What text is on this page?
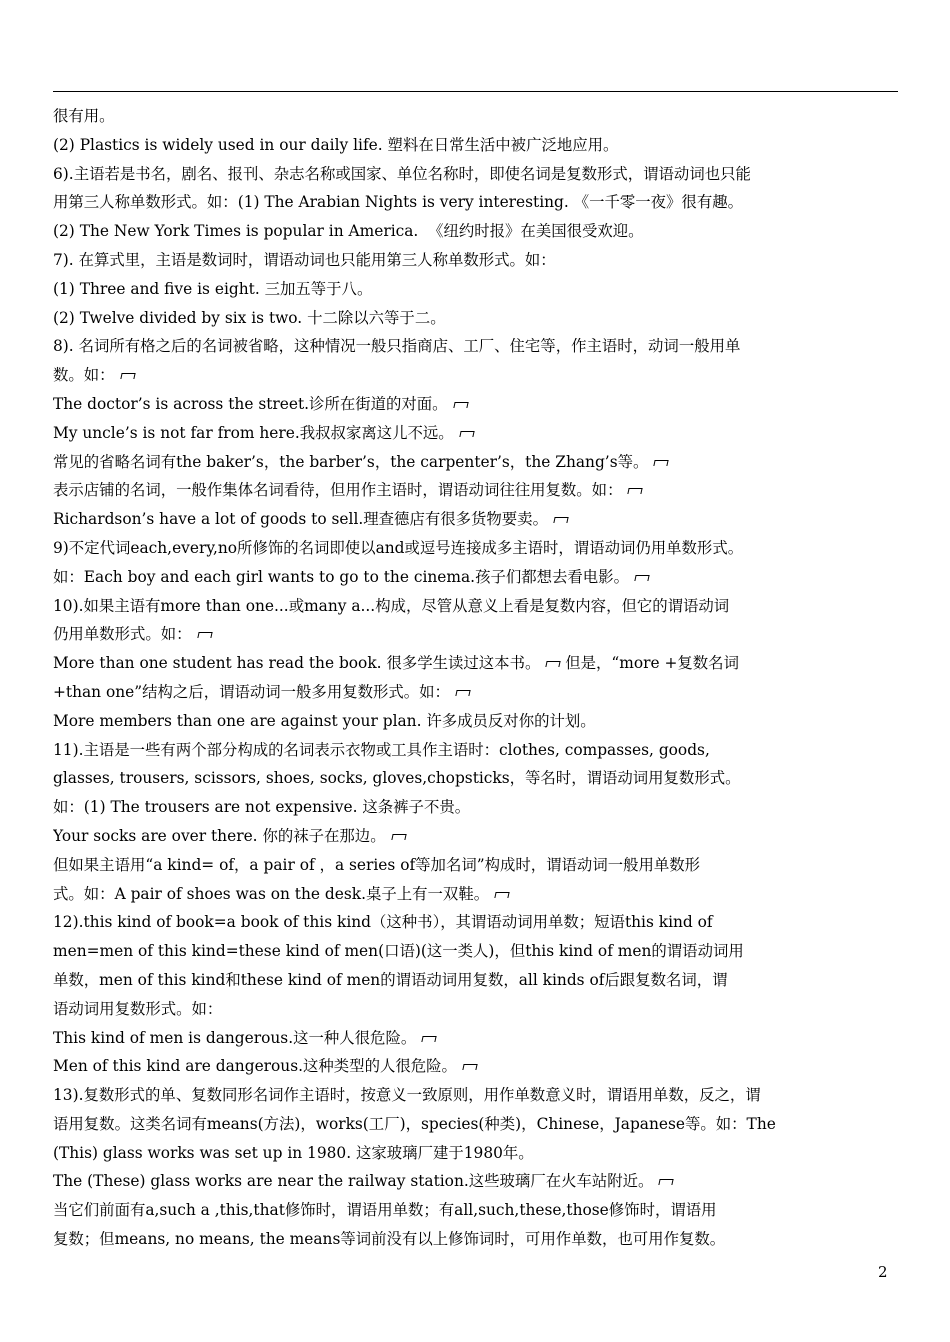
很有用。
(2) Plastics is widely used in our daily life. 塑料在日常生活中被广泛地应用。
6).主语若是书名，剧名、报刊、杂志名称或国家、单位名称时，即使名词是复数形式，谓语动词也只能
用第三人称单数形式。如：(1) The Arabian Nights is very interesting. 《一千零一夜》很有趣。
(2) The New York Times is popular in America.  《纽约时报》在美国很受欢迎。
7). 在算式里，主语是数词时，谓语动词也只能用第三人称单数形式。如：
(1) Three and five is eight. 三加五等于八。
(2) Twelve divided by six is two. 十二除以六等于二。
8). 名词所有格之后的名词被省略，这种情况一般只指商店、工厂、住宅等，作主语时，动词一般用单
数。如：
The doctor’s is across the street.诊所在街道的对面。
My uncle’s is not far from here.我叔叔家离这儿不远。
常见的省略名词有the baker’s，the barber’s，the carpenter’s，the Zhang’s等。
表示店铺的名词，一般作集体名词看待，但用作主语时，谓语动词往往用复数。如：
Richardson’s have a lot of goods to sell.理查德店有很多货物要卖。
9)不定代词each,every,no所修饰的名词即使以and或逗号连接成多主语时，谓语动词仍用单数形式。
如：Each boy and each girl wants to go to the cinema.孩子们都想去看电影。
10).如果主语有more than one...或many a...构成，尽管从意义上看是复数内容，但它的谓语动词
仍用单数形式。如：
More than one student has read the book. 很多学生读过这本书。 但是，“more +复数名词
+than one”结构之后，谓语动词一般多用复数形式。如：
More members than one are against your plan. 许多成员反对你的计划。
11).主语是一些有两个部分构成的名词表示衣物或工具作主语时：clothes, compasses, goods,
glasses, trousers, scissors, shoes, socks, gloves,chopsticks，等名时，谓语动词用复数形式。
如：(1) The trousers are not expensive. 这条裤子不贵。
Your socks are over there. 你的袜子在那边。
但如果主语用“a kind= of，a pair of ，a series of等加名词”构成时，谓语动词一般用单数形
式。如：A pair of shoes was on the desk.桌子上有一双鞋。
12).this kind of book=a book of this kind（这种书），其谓语动词用单数；短语this kind of
men=men of this kind=these kind of men(口语)(这一类人)，但this kind of men的谓语动词用
单数，men of this kind和these kind of men的谓语动词用复数，all kinds of后跟复数名词，谓
语动词用复数形式。如：
This kind of men is dangerous.这一种人很危险。
Men of this kind are dangerous.这种类型的人很危险。
13).复数形式的单、复数同形名词作主语时，按意义一致原则，用作单数意义时，谓语用单数，反之，谓
语用复数。这类名词有means(方法)，works(工厂)，species(种类)，Chinese，Japanese等。如：The
(This) glass works was set up in 1980. 这家玻璃厂建于1980年。
The (These) glass works are near the railway station.这些玻璃厂在火车站附近。
当它们前面有a,such a ,this,that修饰时，谓语用单数；有all,such,these,those修饰时，谓语用
复数；但means, no means, the means等词前没有以上修饰词时，可用作单数，也可用作复数。
2
